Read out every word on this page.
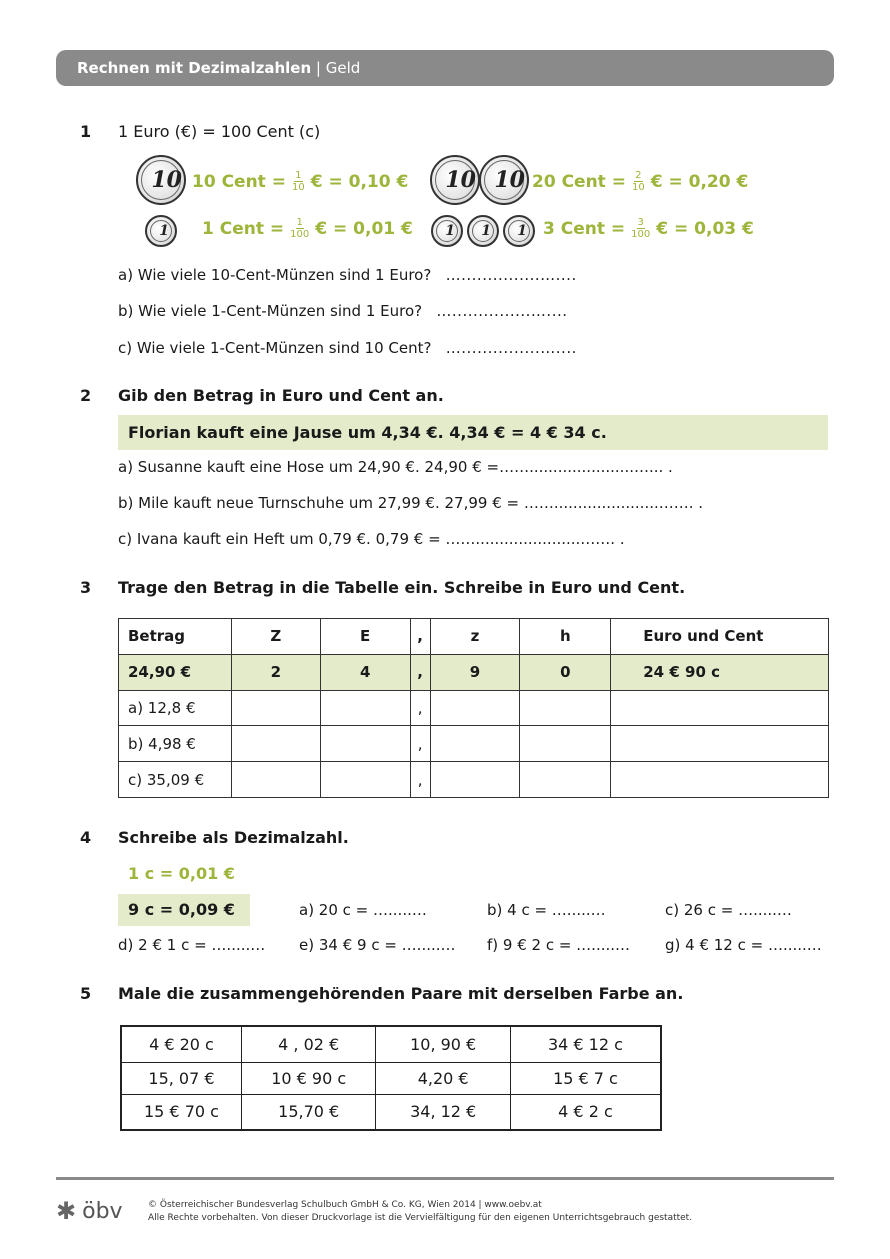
Rechnen mit Dezimalzahlen | Geld
1 1 Euro (€) = 100 Cent (c)
10 10 Cent = $\frac{1}{10}$ € = 0,10 € 10 10 20 Cent = $\frac{2}{10}$ € = 0,20 €
1 1 Cent = $\frac{1}{100}$ € = 0,01 € 1 1 1 3 Cent = $\frac{3}{100}$ € = 0,03 €
a) Wie viele 10-Cent-Münzen sind 1 Euro? …...............…....
b) Wie viele 1-Cent-Münzen sind 1 Euro? …...............…....
c) Wie viele 1-Cent-Münzen sind 10 Cent? …...............…....
2 Gib den Betrag in Euro und Cent an.
Florian kauft eine Jause um 4,34 €. 4,34 € = 4 € 34 c.
a) Susanne kauft eine Hose um 24,90 €. 24,90 € =……......................…... .
b) Mile kauft neue Turnschuhe um 27,99 €. 27,99 € = ……......................……. .
c) Ivana kauft ein Heft um 0,79 €. 0,79 € = ……......................……. .
3 Trage den Betrag in die Tabelle ein. Schreibe in Euro und Cent.
Betrag	Z	E	,	z	h	Euro und Cent
24,90 €	2	4	,	9	0	24 € 90 c
a) 12,8 €			,			
b) 4,98 €			,			
c) 35,09 €			,			
4 Schreibe als Dezimalzahl.
1 c = 0,01 €
9 c = 0,09 €	a) 20 c = ….....…	b) 4 c = ….....…	c) 26 c = ….....…
d) 2 € 1 c = ….....… e) 34 € 9 c = ….....… f) 9 € 2 c = ….....… g) 4 € 12 c = ….....…
5 Male die zusammengehörenden Paare mit derselben Farbe an.
4 € 20 c	4 , 02 €	10, 90 €	34 € 12 c
15, 07 €	10 € 90 c	4,20 €	15 € 7 c
15 € 70 c	15,70 €	34, 12 €	4 € 2 c
✱ öbv	© Österreichischer Bundesverlag Schulbuch GmbH & Co. KG, Wien 2014 | www.oebv.at
Alle Rechte vorbehalten. Von dieser Druckvorlage ist die Vervielfältigung für den eigenen Unterrichtsgebrauch gestattet.
